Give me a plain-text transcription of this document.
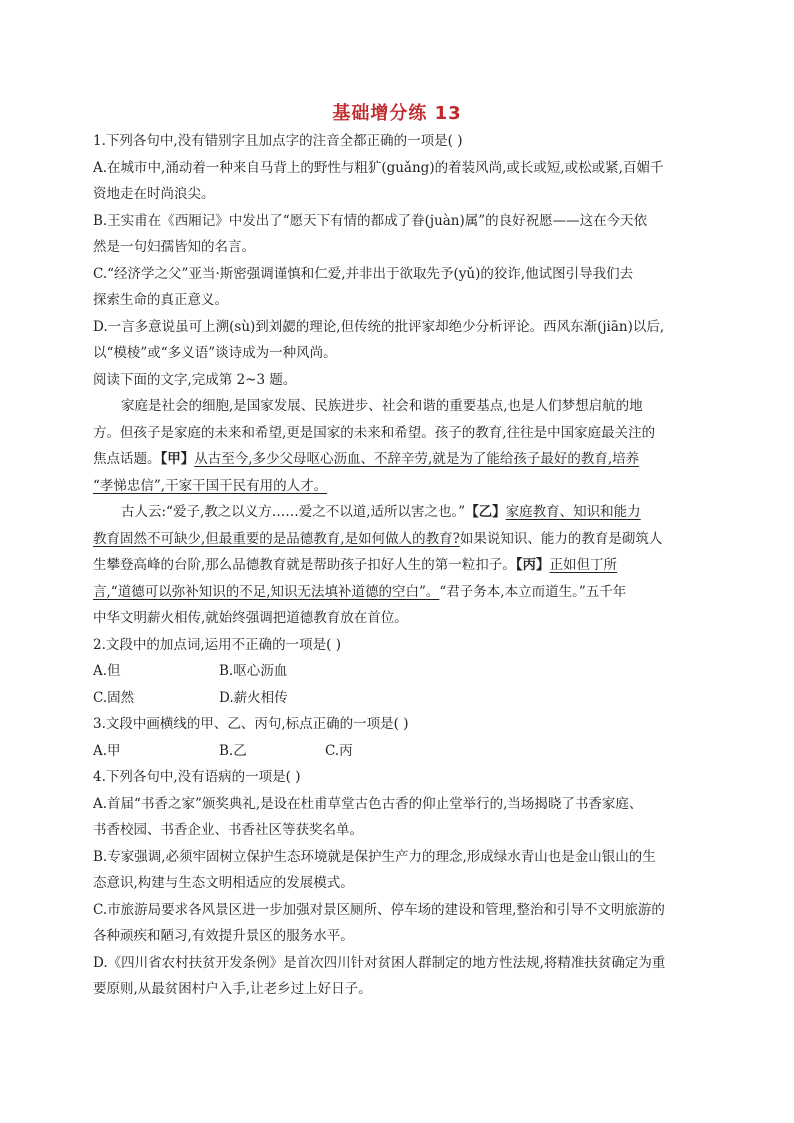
基础增分练 13
1.下列各句中,没有错别字且加点字的注音全都正确的一项是( )
A.在城市中,涌动着一种来自马背上的野性与粗犷(guǎng)的着装风尚,或长或短,或松或紧,百媚千
资地走在时尚浪尖。
B.王实甫在《西厢记》中发出了“愿天下有情的都成了眷(juàn)属”的良好祝愿——这在今天依
然是一句妇孺皆知的名言。
C.“经济学之父”亚当·斯密强调谨慎和仁爱,并非出于欲取先予(yǔ)的狡诈,他试图引导我们去
探索生命的真正意义。
D.一言多意说虽可上溯(sù)到刘勰的理论,但传统的批评家却绝少分析评论。西风东渐(jiān)以后,
以“模棱”或“多义语”谈诗成为一种风尚。
阅读下面的文字,完成第 2~3 题。
家庭是社会的细胞,是国家发展、民族进步、社会和谐的重要基点,也是人们梦想启航的地
方。但孩子是家庭的未来和希望,更是国家的未来和希望。孩子的教育,往往是中国家庭最关注的
焦点话题。【甲】从古至今,多少父母呕心沥血、不辞辛劳,就是为了能给孩子最好的教育,培养
“孝悌忠信”,干家干国干民有用的人才。
古人云:“爱子,教之以义方……爱之不以道,适所以害之也。”【乙】家庭教育、知识和能力
教育固然不可缺少,但最重要的是品德教育,是如何做人的教育?如果说知识、能力的教育是砌筑人
生攀登高峰的台阶,那么品德教育就是帮助孩子扣好人生的第一粒扣子。【丙】正如但丁所
言,“道德可以弥补知识的不足,知识无法填补道德的空白”。“君子务本,本立而道生。”五千年
中华文明薪火相传,就始终强调把道德教育放在首位。
2.文段中的加点词,运用不正确的一项是( )
A.但	B.呕心沥血
C.固然	D.薪火相传
3.文段中画横线的甲、乙、丙句,标点正确的一项是( )
A.甲	B.乙	C.丙
4.下列各句中,没有语病的一项是( )
A.首届“书香之家”颁奖典礼,是设在杜甫草堂古色古香的仰止堂举行的,当场揭晓了书香家庭、
书香校园、书香企业、书香社区等获奖名单。
B.专家强调,必须牢固树立保护生态环境就是保护生产力的理念,形成绿水青山也是金山银山的生
态意识,构建与生态文明相适应的发展模式。
C.市旅游局要求各风景区进一步加强对景区厕所、停车场的建设和管理,整治和引导不文明旅游的
各种顽疾和陋习,有效提升景区的服务水平。
D.《四川省农村扶贫开发条例》是首次四川针对贫困人群制定的地方性法规,将精准扶贫确定为重
要原则,从最贫困村户入手,让老乡过上好日子。
